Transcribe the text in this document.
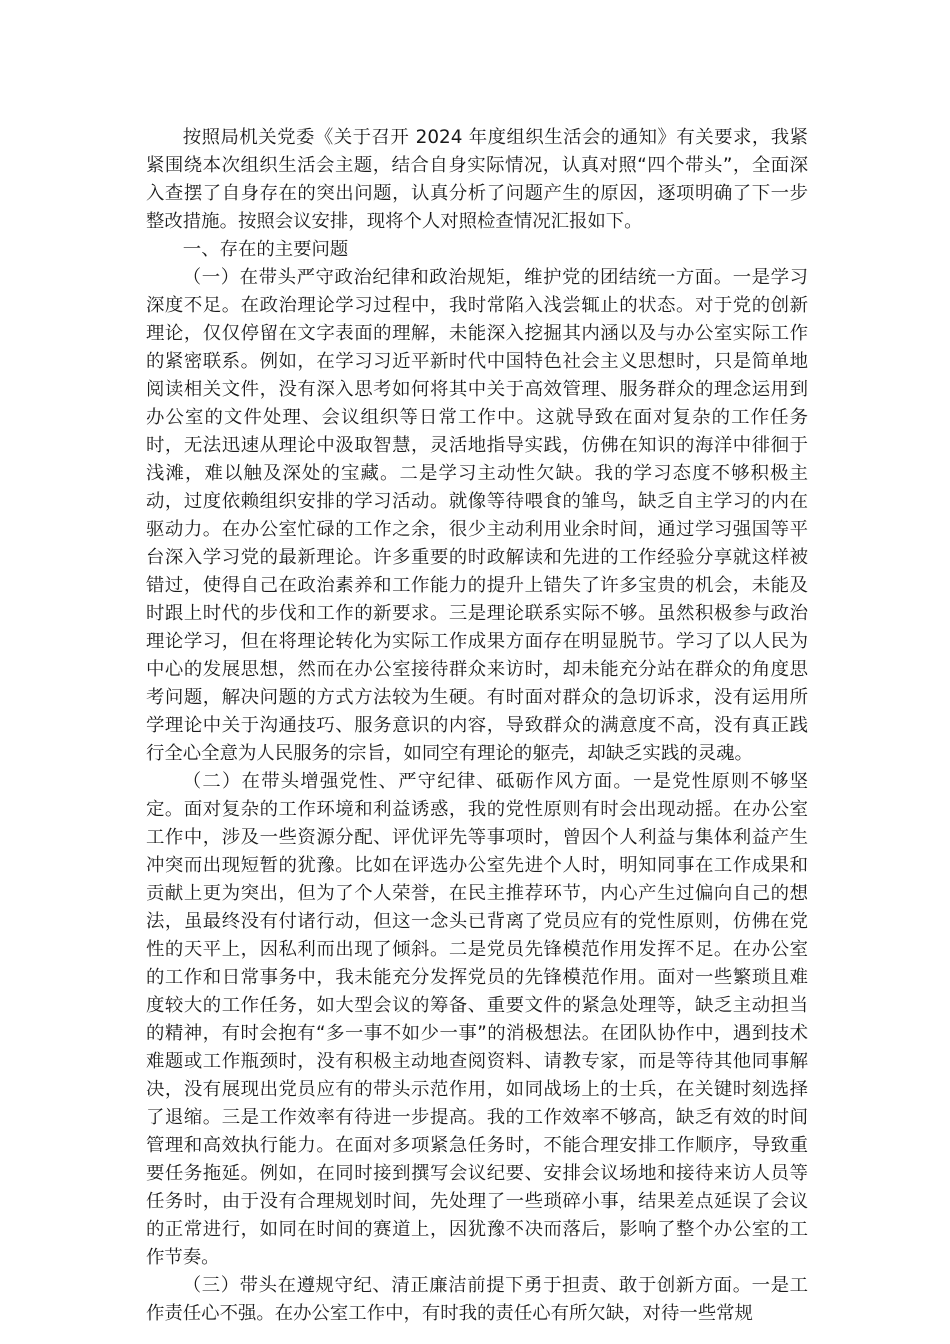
按照局机关党委《关于召开 2024 年度组织生活会的通知》有关要求，我紧紧围绕本次组织生活会主题，结合自身实际情况，认真对照“四个带头”，全面深入查摆了自身存在的突出问题，认真分析了问题产生的原因，逐项明确了下一步整改措施。按照会议安排，现将个人对照检查情况汇报如下。

一、存在的主要问题

（一）在带头严守政治纪律和政治规矩，维护党的团结统一方面。一是学习深度不足。在政治理论学习过程中，我时常陷入浅尝辄止的状态。对于党的创新理论，仅仅停留在文字表面的理解，未能深入挖掘其内涵以及与办公室实际工作的紧密联系。例如，在学习习近平新时代中国特色社会主义思想时，只是简单地阅读相关文件，没有深入思考如何将其中关于高效管理、服务群众的理念运用到办公室的文件处理、会议组织等日常工作中。这就导致在面对复杂的工作任务时，无法迅速从理论中汲取智慧，灵活地指导实践，仿佛在知识的海洋中徘徊于浅滩，难以触及深处的宝藏。二是学习主动性欠缺。我的学习态度不够积极主动，过度依赖组织安排的学习活动。就像等待喂食的雏鸟，缺乏自主学习的内在驱动力。在办公室忙碌的工作之余，很少主动利用业余时间，通过学习强国等平台深入学习党的最新理论。许多重要的时政解读和先进的工作经验分享就这样被错过，使得自己在政治素养和工作能力的提升上错失了许多宝贵的机会，未能及时跟上时代的步伐和工作的新要求。三是理论联系实际不够。虽然积极参与政治理论学习，但在将理论转化为实际工作成果方面存在明显脱节。学习了以人民为中心的发展思想，然而在办公室接待群众来访时，却未能充分站在群众的角度思考问题，解决问题的方式方法较为生硬。有时面对群众的急切诉求，没有运用所学理论中关于沟通技巧、服务意识的内容，导致群众的满意度不高，没有真正践行全心全意为人民服务的宗旨，如同空有理论的躯壳，却缺乏实践的灵魂。

（二）在带头增强党性、严守纪律、砥砺作风方面。一是党性原则不够坚定。面对复杂的工作环境和利益诱惑，我的党性原则有时会出现动摇。在办公室工作中，涉及一些资源分配、评优评先等事项时，曾因个人利益与集体利益产生冲突而出现短暂的犹豫。比如在评选办公室先进个人时，明知同事在工作成果和贡献上更为突出，但为了个人荣誉，在民主推荐环节，内心产生过偏向自己的想法，虽最终没有付诸行动，但这一念头已背离了党员应有的党性原则，仿佛在党性的天平上，因私利而出现了倾斜。二是党员先锋模范作用发挥不足。在办公室的工作和日常事务中，我未能充分发挥党员的先锋模范作用。面对一些繁琐且难度较大的工作任务，如大型会议的筹备、重要文件的紧急处理等，缺乏主动担当的精神，有时会抱有“多一事不如少一事”的消极想法。在团队协作中，遇到技术难题或工作瓶颈时，没有积极主动地查阅资料、请教专家，而是等待其他同事解决，没有展现出党员应有的带头示范作用，如同战场上的士兵，在关键时刻选择了退缩。三是工作效率有待进一步提高。我的工作效率不够高，缺乏有效的时间管理和高效执行能力。在面对多项紧急任务时，不能合理安排工作顺序，导致重要任务拖延。例如，在同时接到撰写会议纪要、安排会议场地和接待来访人员等任务时，由于没有合理规划时间，先处理了一些琐碎小事，结果差点延误了会议的正常进行，如同在时间的赛道上，因犹豫不决而落后，影响了整个办公室的工作节奏。

（三）带头在遵规守纪、清正廉洁前提下勇于担责、敢于创新方面。一是工作责任心不强。在办公室工作中，有时我的责任心有所欠缺，对待一些常规
